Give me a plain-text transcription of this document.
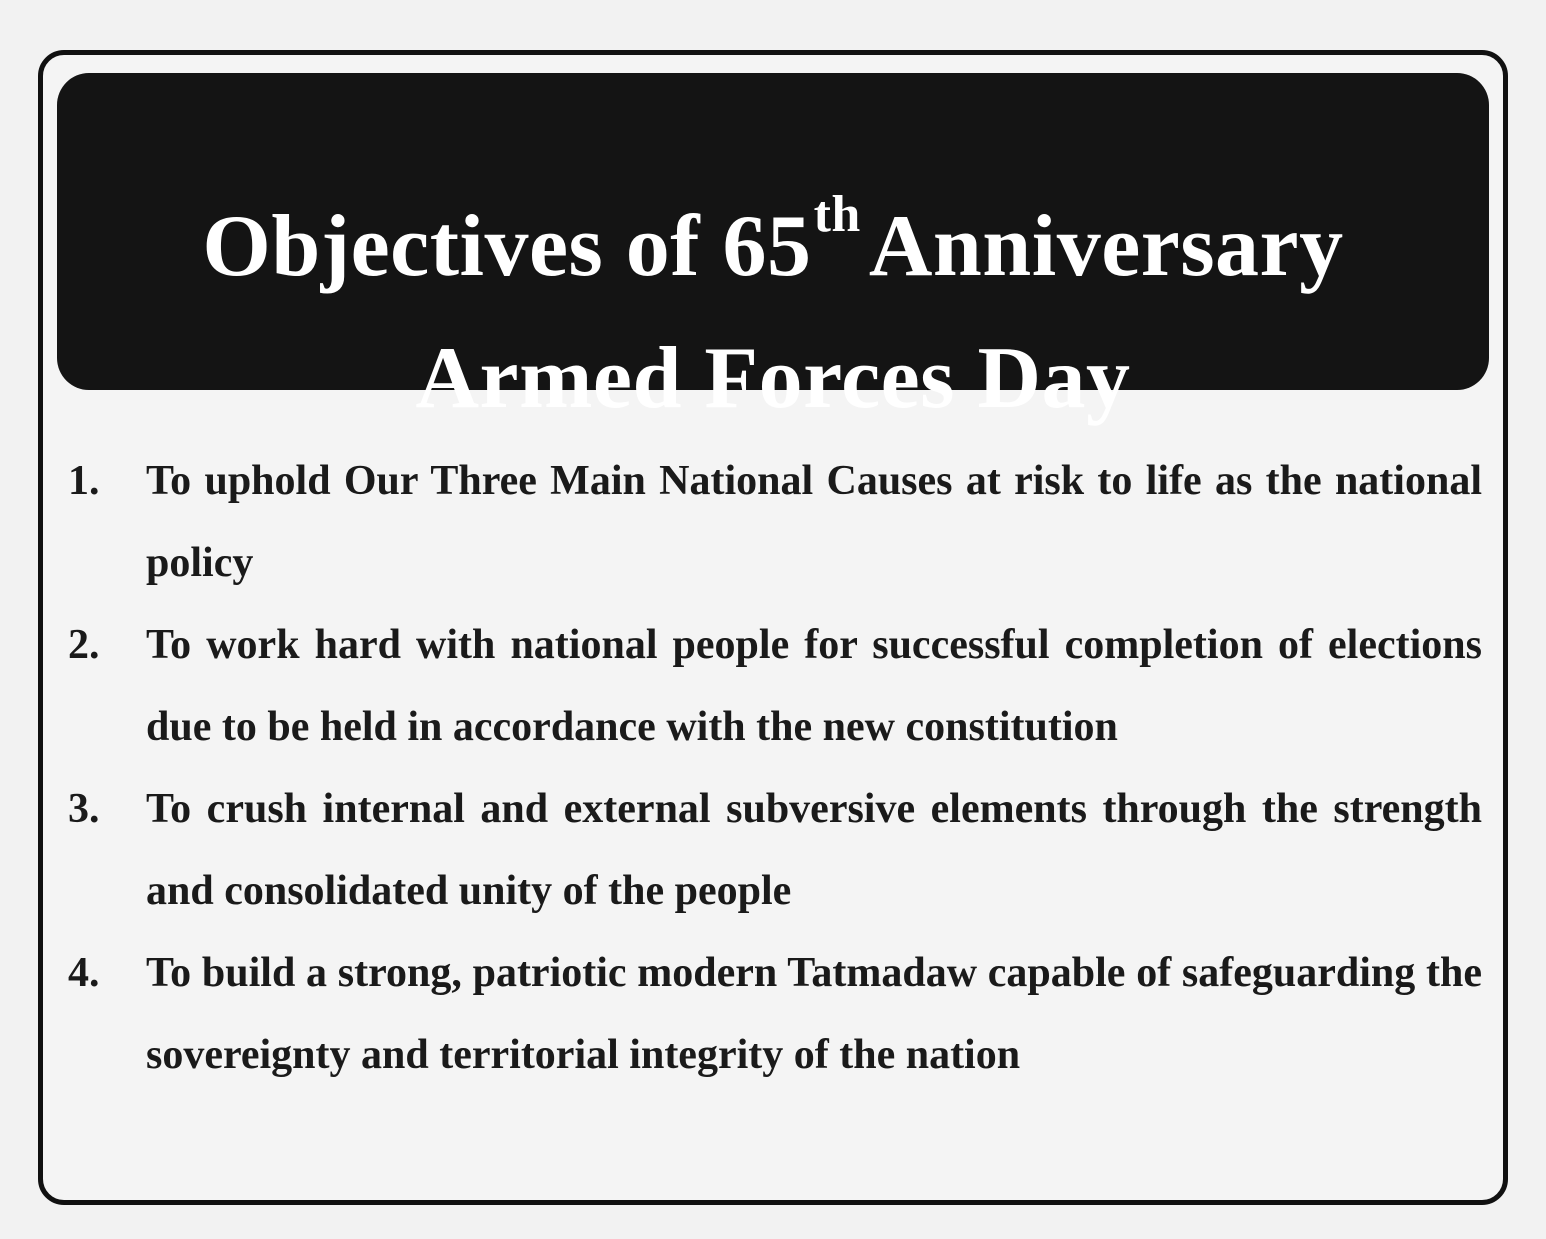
Objectives of 65thAnniversary
Armed Forces Day
1.	To uphold Our Three Main National Causes at risk to life as the national policy
2.	To work hard with national people for successful completion of elections due to be held in accordance with the new constitution
3.	To crush internal and external subversive elements through the strength and consolidated unity of the people
4.	To build a strong, patriotic modern Tatmadaw capable of safeguarding the sovereignty and territorial integrity of the nation
